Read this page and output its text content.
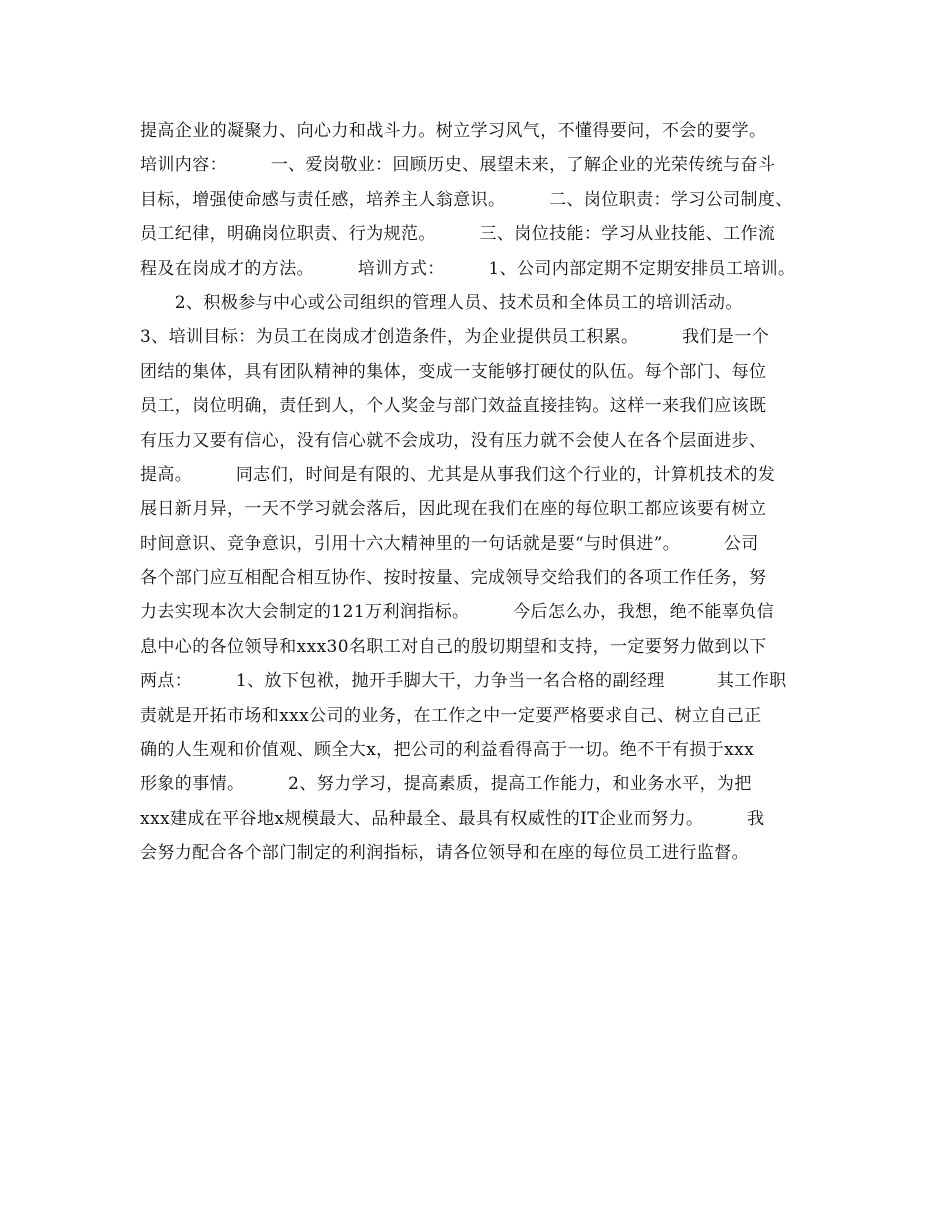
提高企业的凝聚力、向心力和战斗力。树立学习风气，不懂得要问，不会的要学。
培训内容：　　　一、爱岗敬业：回顾历史、展望未来，了解企业的光荣传统与奋斗
目标，增强使命感与责任感，培养主人翁意识。　　　二、岗位职责：学习公司制度、
员工纪律，明确岗位职责、行为规范。　　　三、岗位技能：学习从业技能、工作流
程及在岗成才的方法。　　　培训方式：　　　1、公司内部定期不定期安排员工培训。
　　2、积极参与中心或公司组织的管理人员、技术员和全体员工的培训活动。
3、培训目标：为员工在岗成才创造条件，为企业提供员工积累。　　　我们是一个
团结的集体，具有团队精神的集体，变成一支能够打硬仗的队伍。每个部门、每位
员工，岗位明确，责任到人，个人奖金与部门效益直接挂钩。这样一来我们应该既
有压力又要有信心，没有信心就不会成功，没有压力就不会使人在各个层面进步、
提高。　　　同志们，时间是有限的、尤其是从事我们这个行业的，计算机技术的发
展日新月异，一天不学习就会落后，因此现在我们在座的每位职工都应该要有树立
时间意识、竞争意识，引用十六大精神里的一句话就是要“与时俱进”。　　　公司
各个部门应互相配合相互协作、按时按量、完成领导交给我们的各项工作任务，努
力去实现本次大会制定的121万利润指标。　　　今后怎么办，我想，绝不能辜负信
息中心的各位领导和xxx30名职工对自己的殷切期望和支持，一定要努力做到以下
两点：　　　1、放下包袱，抛开手脚大干，力争当一名合格的副经理　　　其工作职
责就是开拓市场和xxx公司的业务，在工作之中一定要严格要求自己、树立自己正
确的人生观和价值观、顾全大x，把公司的利益看得高于一切。绝不干有损于xxx
形象的事情。　　　2、努力学习，提高素质，提高工作能力，和业务水平，为把
xxx建成在平谷地x规模最大、品种最全、最具有权威性的IT企业而努力。　　　我
会努力配合各个部门制定的利润指标，请各位领导和在座的每位员工进行监督。
